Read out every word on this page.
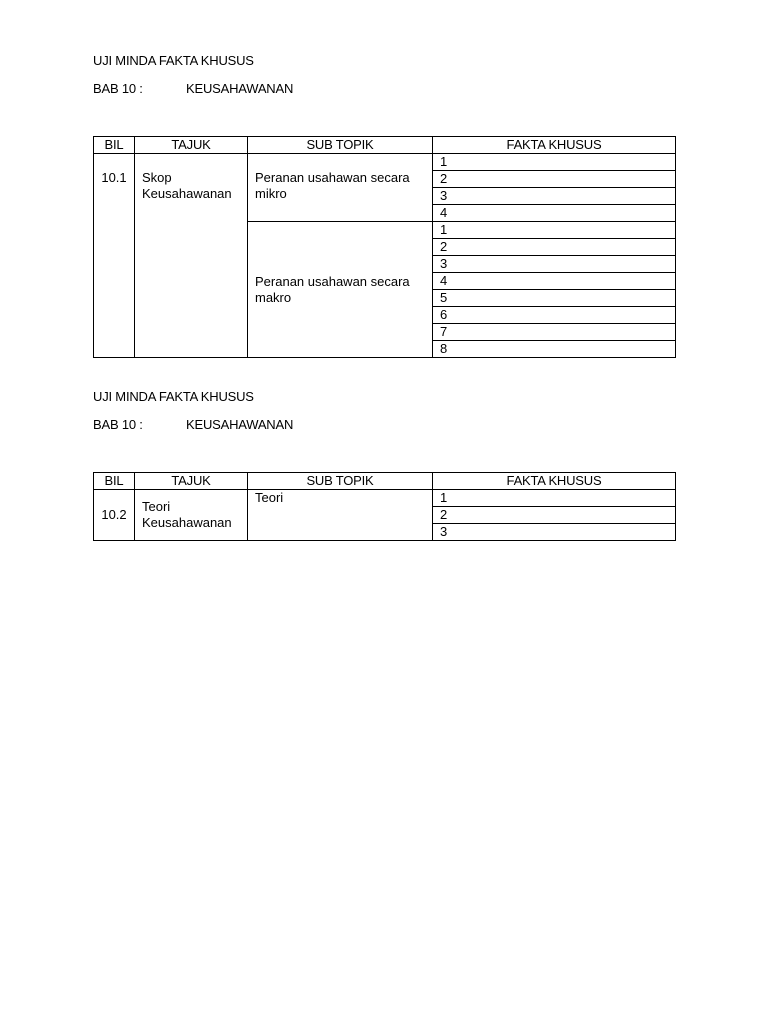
UJI MINDA FAKTA KHUSUS
BAB 10 :	KEUSAHAWANAN
BIL	TAJUK	SUB TOPIK	FAKTA KHUSUS
10.1	Skop Keusahawanan	Peranan usahawan secara mikro	1
			2
			3
			4
		Peranan usahawan secara makro	1
			2
			3
			4
			5
			6
			7
			8
UJI MINDA FAKTA KHUSUS
BAB 10 :	KEUSAHAWANAN
BIL	TAJUK	SUB TOPIK	FAKTA KHUSUS
10.2	Teori Keusahawanan	Teori	1
			2
			3
